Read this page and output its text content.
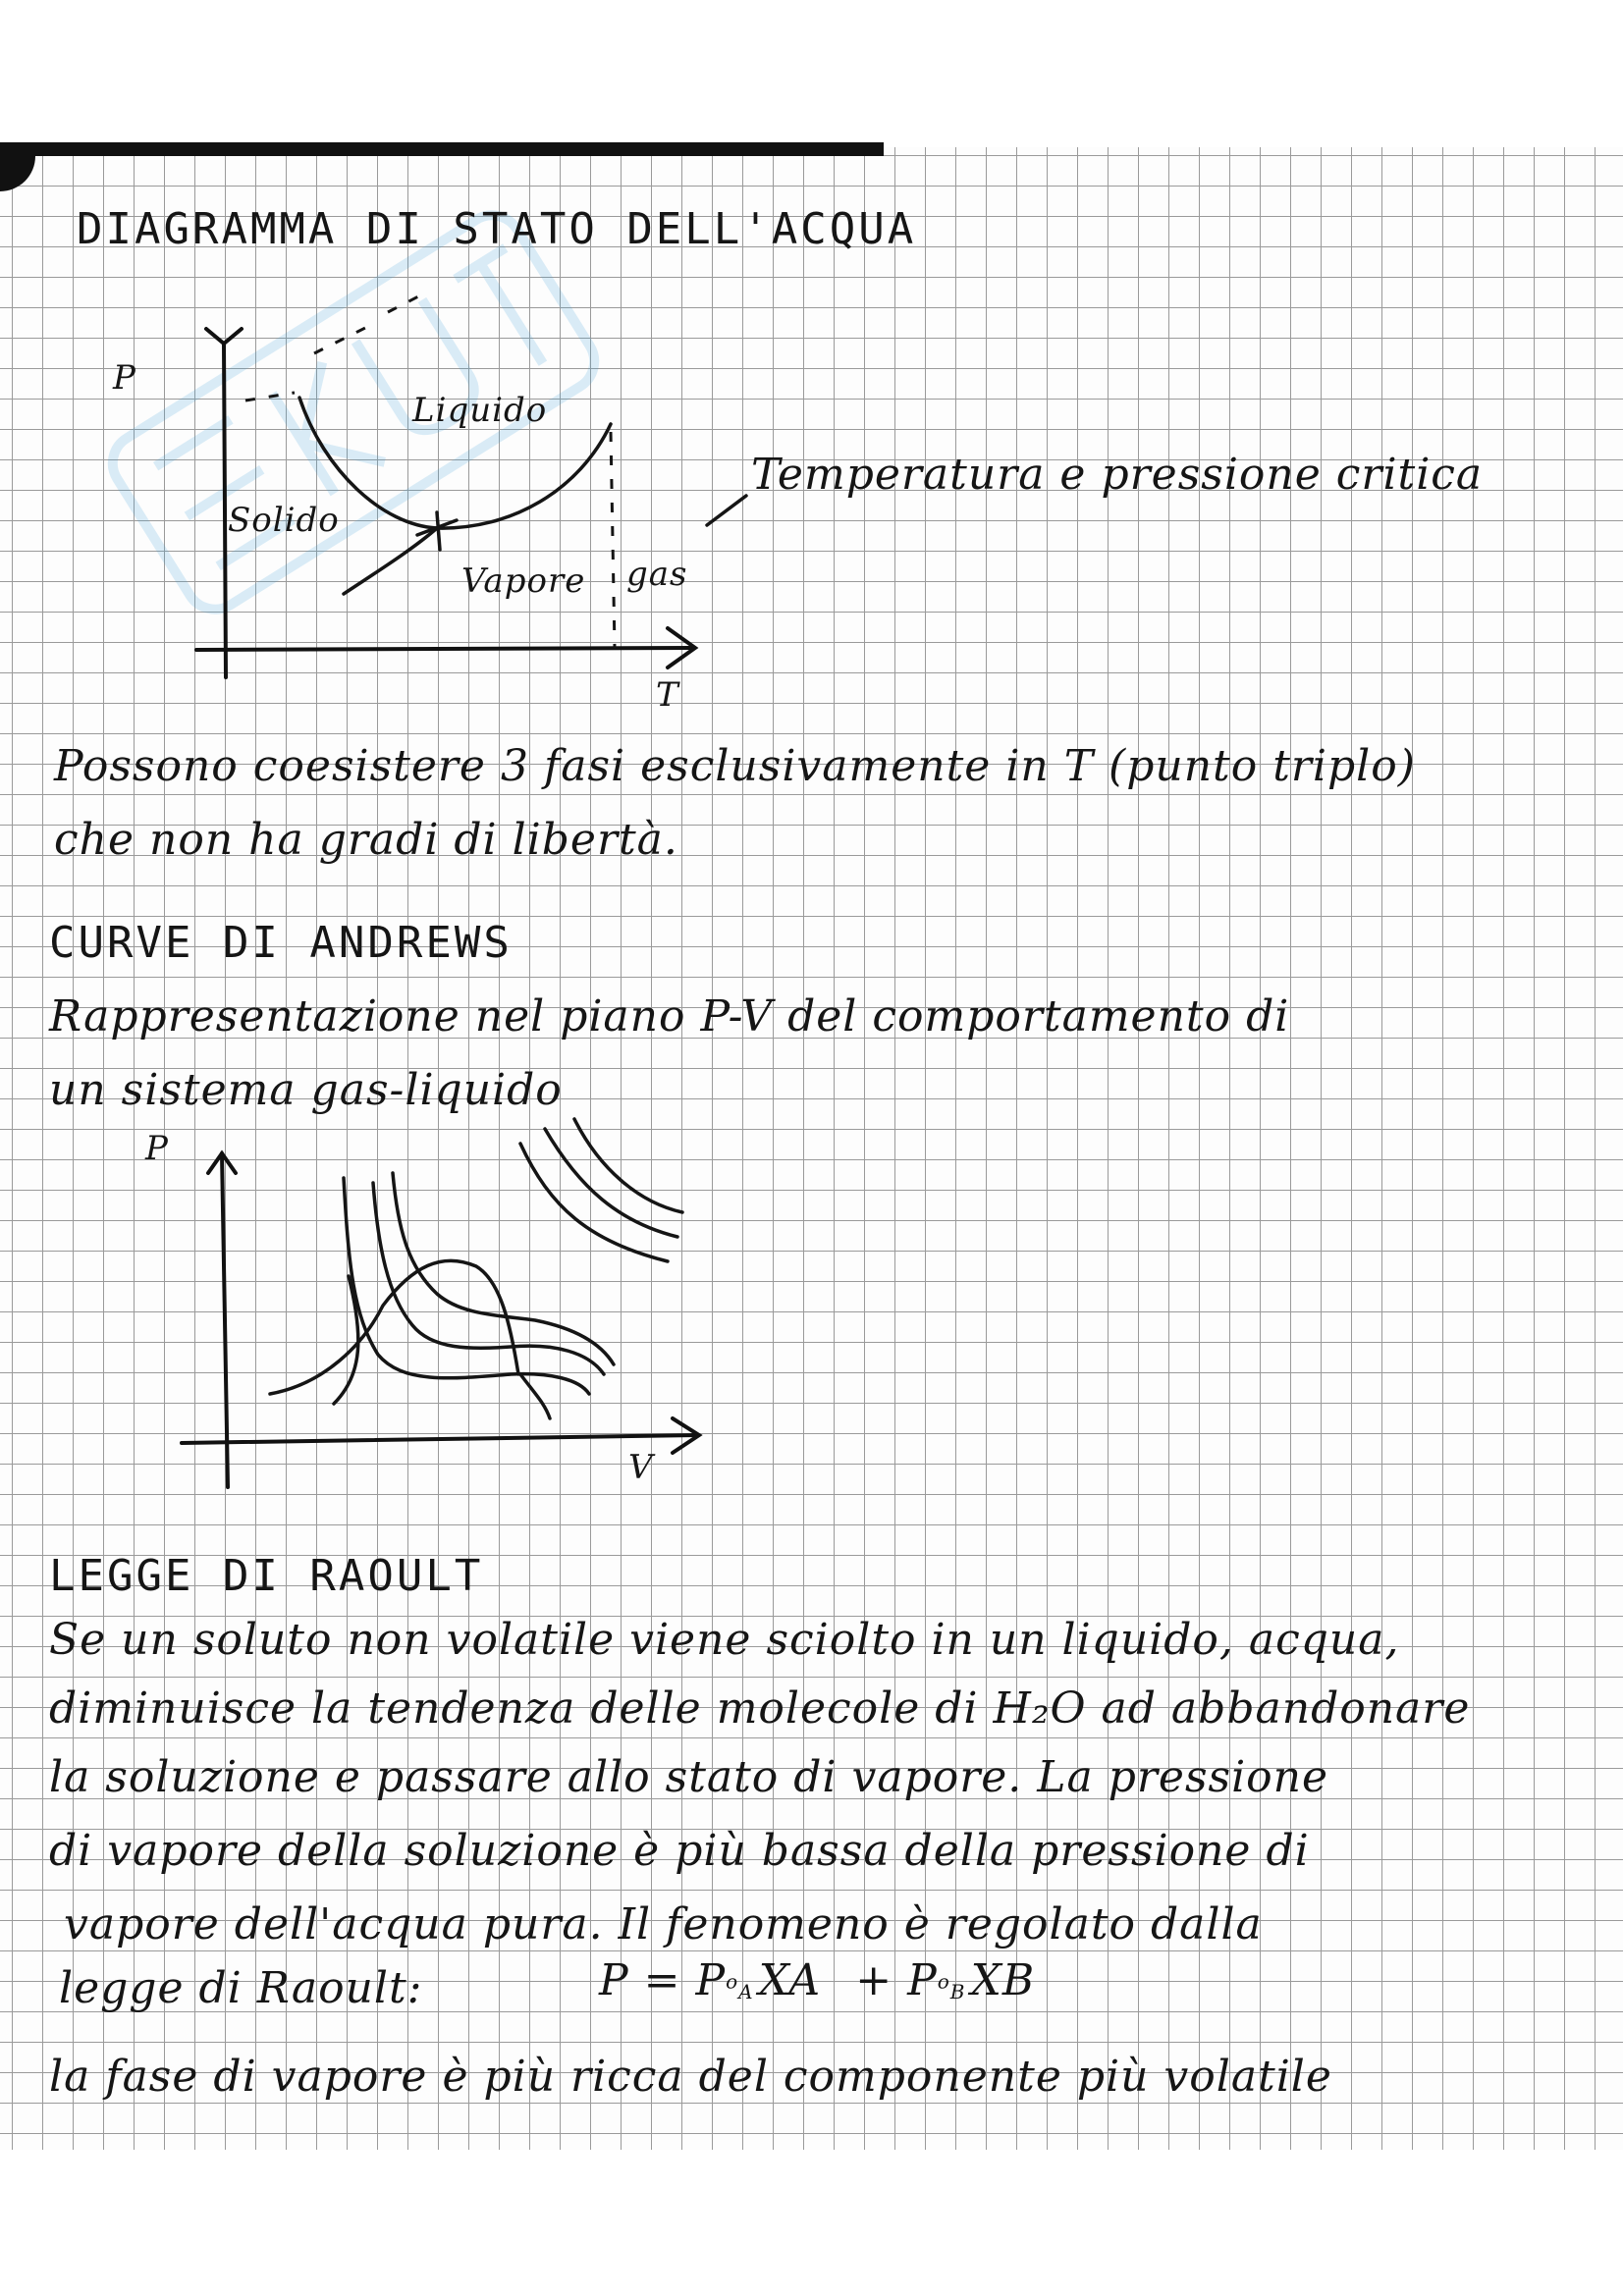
DIAGRAMMA DI STATO DELL'ACQUA

P

Liquido

Solido

Vapore gas

T

Temperatura e pressione critica

Possono coesistere 3 fasi esclusivamente in T (punto triplo)

che non ha gradi di libertà.

CURVE DI ANDREWS

Rappresentazione nel piano P-V del comportamento di

un sistema gas-liquido

P

V

LEGGE DI RAOULT

Se un soluto non volatile viene sciolto in un liquido, acqua,

diminuisce la tendenza delle molecole di H₂O ad abbandonare

la soluzione e passare allo stato di vapore. La pressione

di vapore della soluzione è più bassa della pressione di

vapore dell'acqua pura. Il fenomeno è regolato dalla

legge di Raoult:	$P = P^o_A$ XA + $P^o_B$ XB

la fase di vapore è più ricca del componente più volatile
